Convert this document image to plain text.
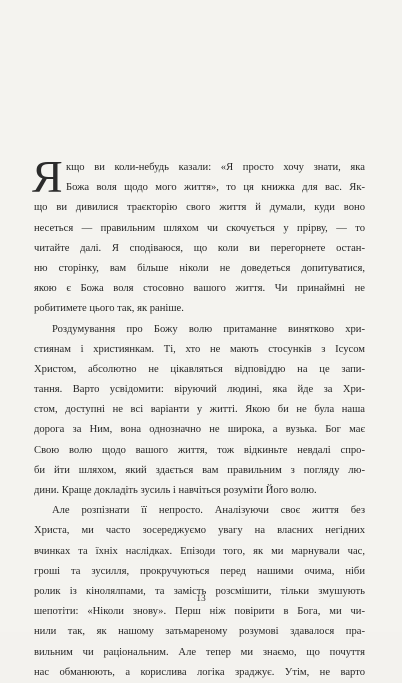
Я кщо ви коли-небудь казали: «Я просто хочу знати, яка
Божа воля щодо мого життя», то ця книжка для вас. Як-
що ви дивилися траєкторію свого життя й думали, куди воно
несеться — правильним шляхом чи скочується у прірву, — то
читайте далі. Я сподіваюся, що коли ви перегорнете остан-
ню сторінку, вам більше ніколи не доведеться допитуватися,
якою є Божа воля стосовно вашого життя. Чи принаймні не
робитимете цього так, як раніше.
Роздумування про Божу волю притаманне винятково хри-
стиянам і християнкам. Ті, хто не мають стосунків з Ісусом
Христом, абсолютно не цікавляться відповіддю на це запи-
тання. Варто усвідомити: віруючий людині, яка йде за Хри-
стом, доступні не всі варіанти у житті. Якою би не була наша
дорога за Ним, вона однозначно не широка, а вузька. Бог має
Свою волю щодо вашого життя, тож відкиньте невдалі спро-
би йти шляхом, який здається вам правильним з погляду лю-
дини. Краще докладіть зусиль і навчіться розуміти Його волю.
Але розпізнати її непросто. Аналізуючи своє життя без
Христа, ми часто зосереджуємо увагу на власних негідних
вчинках та їхніх наслідках. Епізоди того, як ми марнували час,
гроші та зусилля, прокручуються перед нашими очима, ніби
ролик із кінолялпами, та замість розсмішити, тільки змушують
шепотіти: «Ніколи знову». Перш ніж повірити в Бога, ми чи-
нили так, як нашому затьмареному розумові здавалося пра-
вильним чи раціональним. Але тепер ми знаємо, що почуття
нас обманюють, а корислива логіка зраджує. Утім, не варто
13
